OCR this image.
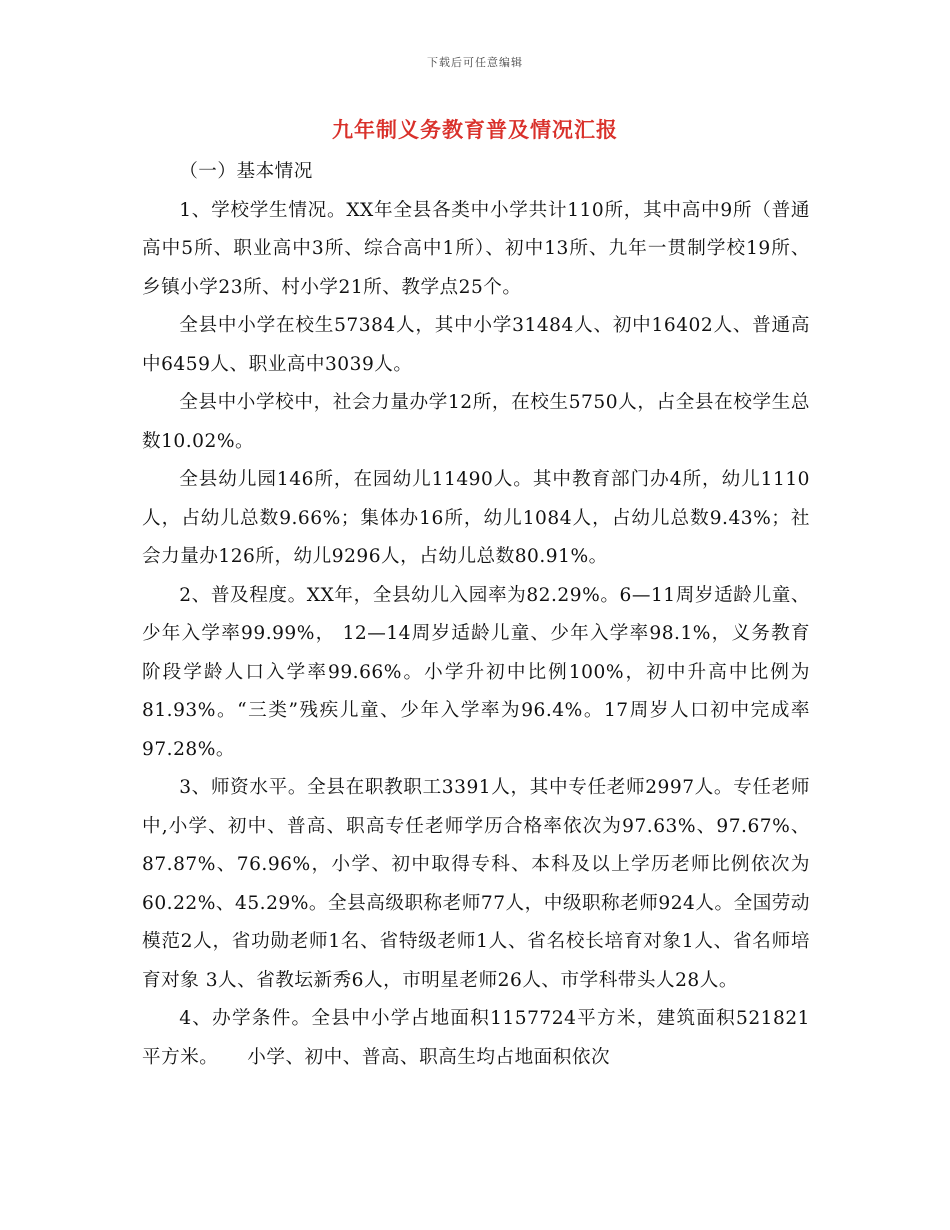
下载后可任意编辑
九年制义务教育普及情况汇报

（一）基本情况

1、学校学生情况。XX年全县各类中小学共计110所，其中高中9所（普通高中5所、职业高中3所、综合高中1所）、初中13所、九年一贯制学校19所、乡镇小学23所、村小学21所、教学点25个。

全县中小学在校生57384人，其中小学31484人、初中16402人、普通高中6459人、职业高中3039人。

全县中小学校中，社会力量办学12所，在校生5750人，占全县在校学生总数10.02%。

全县幼儿园146所，在园幼儿11490人。其中教育部门办4所，幼儿1110人，占幼儿总数9.66%；集体办16所，幼儿1084人，占幼儿总数9.43%；社会力量办126所，幼儿9296人，占幼儿总数80.91%。

2、普及程度。XX年，全县幼儿入园率为82.29%。6—11周岁适龄儿童、少年入学率99.99%， 12—14周岁适龄儿童、少年入学率98.1%，义务教育阶段学龄人口入学率99.66%。小学升初中比例100%，初中升高中比例为81.93%。“三类”残疾儿童、少年入学率为96.4%。17周岁人口初中完成率97.28%。

3、师资水平。全县在职教职工3391人，其中专任老师2997人。专任老师中,小学、初中、普高、职高专任老师学历合格率依次为97.63%、97.67%、87.87%、76.96%，小学、初中取得专科、本科及以上学历老师比例依次为60.22%、45.29%。全县高级职称老师77人，中级职称老师924人。全国劳动模范2人，省功勋老师1名、省特级老师1人、省名校长培育对象1人、省名师培育对象 3人、省教坛新秀6人，市明星老师26人、市学科带头人28人。

4、办学条件。全县中小学占地面积1157724平方米，建筑面积521821平方米。　　小学、初中、普高、职高生均占地面积依次
